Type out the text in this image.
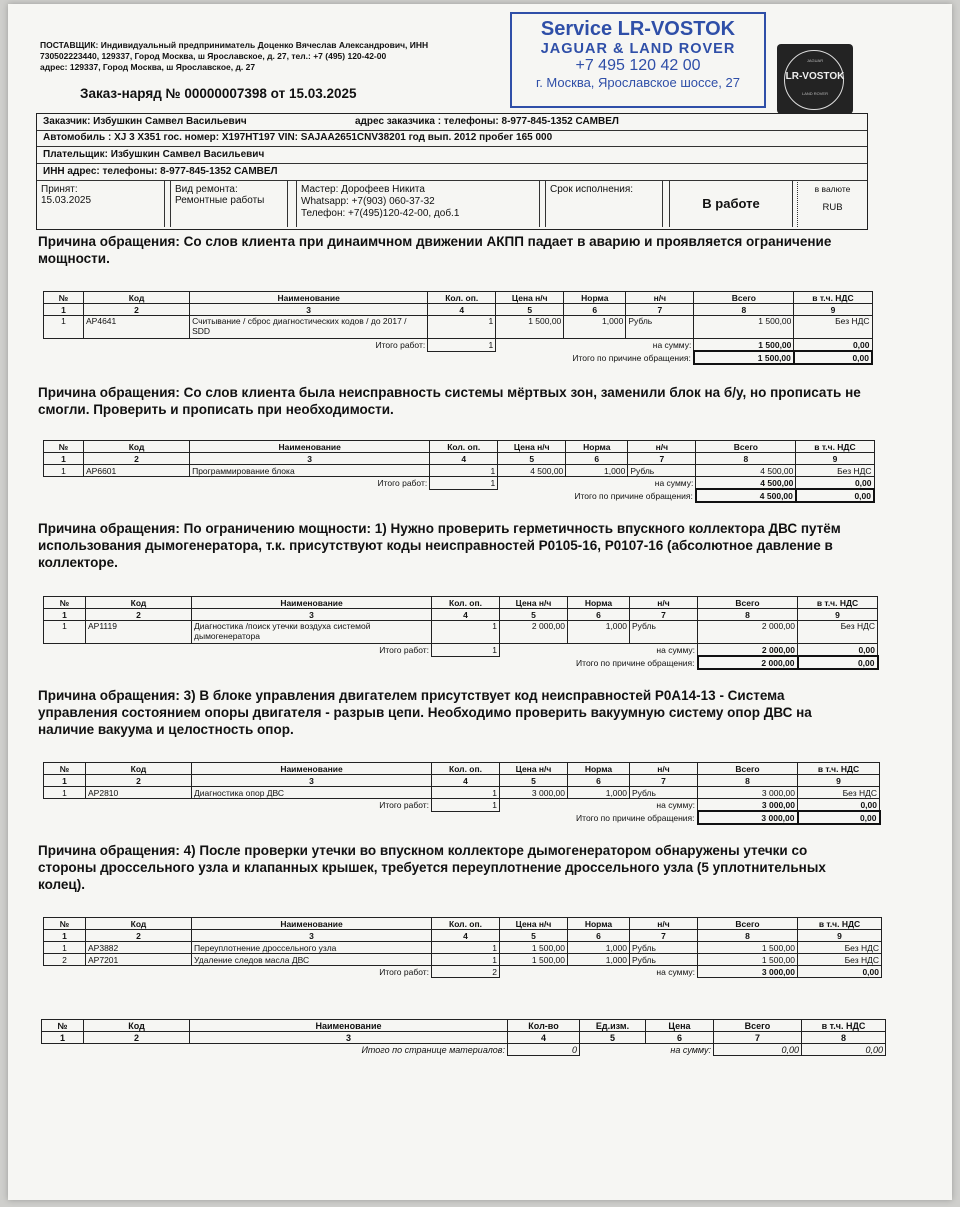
ПОСТАВЩИК: Индивидуальный предприниматель Доценко Вячеслав Александрович, ИНН
730502223440, 129337, Город Москва, ш Ярославское, д. 27, тел.: +7 (495) 120-42-00
адрес: 129337, Город Москва, ш Ярославское, д. 27
Заказ-наряд № 00000007398 от 15.03.2025
Service LR-VOSTOK
JAGUAR & LAND ROVER
+7 495 120 42 00
г. Москва, Ярославское шоссе, 27
JAGUAR
LR-VOSTOK
LAND ROVER
Заказчик: Избушкин Самвел Васильевич	адрес заказчика : телефоны: 8-977-845-1352 САМВЕЛ
Автомобиль : XJ 3 X351 гос. номер: X197HT197 VIN: SAJAA2651CNV38201 год вып. 2012 пробег 165 000
Плательщик: Избушкин Самвел Васильевич
ИНН адрес: телефоны: 8-977-845-1352 САМВЕЛ
Принят:
15.03.2025
Вид ремонта:
Ремонтные работы
Мастер: Дорофеев Никита
Whatsapp: +7(903) 060-37-32
Телефон: +7(495)120-42-00, доб.1
Срок исполнения:
В работе
в валюте
RUB
Причина обращения: Со слов клиента при динаимчном движении АКПП падает в аварию и проявляется ограничение мощности.
№	Код	Наименование	Кол. оп.	Цена н/ч	Норма	н/ч	Всего	в т.ч. НДС
1	2	3	4	5	6	7	8	9
1	AP4641	Считывание / сброс диагностических кодов / до 2017 / SDD	1	1 500,00	1,000	Рубль	1 500,00	Без НДС
		Итого работ:	1			на сумму:	1 500,00	0,00
				Итого по причине обращения:			1 500,00	0,00
Причина обращения: Со слов клиента была неисправность системы мёртвых зон, заменили блок на б/у, но прописать не смогли. Проверить и прописать при необходимости.
№	Код	Наименование	Кол. оп.	Цена н/ч	Норма	н/ч	Всего	в т.ч. НДС
1	2	3	4	5	6	7	8	9
1	AP6601	Программирование блока	1	4 500,00	1,000	Рубль	4 500,00	Без НДС
		Итого работ:	1			на сумму:	4 500,00	0,00
				Итого по причине обращения:			4 500,00	0,00
Причина обращения: По ограничению мощности: 1) Нужно проверить герметичность впускного коллектора ДВС путём использования дымогенератора, т.к. присутствуют коды неисправностей P0105-16, P0107-16 (абсолютное давление в коллекторе.
№	Код	Наименование	Кол. оп.	Цена н/ч	Норма	н/ч	Всего	в т.ч. НДС
1	2	3	4	5	6	7	8	9
1	AP1119	Диагностика /поиск утечки воздуха системой дымогенератора	1	2 000,00	1,000	Рубль	2 000,00	Без НДС
		Итого работ:	1			на сумму:	2 000,00	0,00
				Итого по причине обращения:			2 000,00	0,00
Причина обращения: 3) В блоке управления двигателем присутствует код неисправностей P0A14-13 - Система управления состоянием опоры двигателя - разрыв цепи. Необходимо проверить вакуумную систему опор ДВС на наличие вакуума и целостность опор.
№	Код	Наименование	Кол. оп.	Цена н/ч	Норма	н/ч	Всего	в т.ч. НДС
1	2	3	4	5	6	7	8	9
1	AP2810	Диагностика опор ДВС	1	3 000,00	1,000	Рубль	3 000,00	Без НДС
		Итого работ:	1			на сумму:	3 000,00	0,00
				Итого по причине обращения:			3 000,00	0,00
Причина обращения: 4) После проверки утечки во впускном коллекторе дымогенератором обнаружены утечки со стороны дроссельного узла и клапанных крышек, требуется переуплотнение дроссельного узла (5 уплотнительных колец).
№	Код	Наименование	Кол. оп.	Цена н/ч	Норма	н/ч	Всего	в т.ч. НДС
1	2	3	4	5	6	7	8	9
1	AP3882	Переуплотнение дроссельного узла	1	1 500,00	1,000	Рубль	1 500,00	Без НДС
2	AP7201	Удаление следов масла ДВС	1	1 500,00	1,000	Рубль	1 500,00	Без НДС
		Итого работ:	2			на сумму:	3 000,00	0,00
№	Код	Наименование	Кол-во	Ед.изм.	Цена	Всего	в т.ч. НДС
1	2	3	4	5	6	7	8
		Итого по странице материалов:	0		на сумму:	0,00	0,00
